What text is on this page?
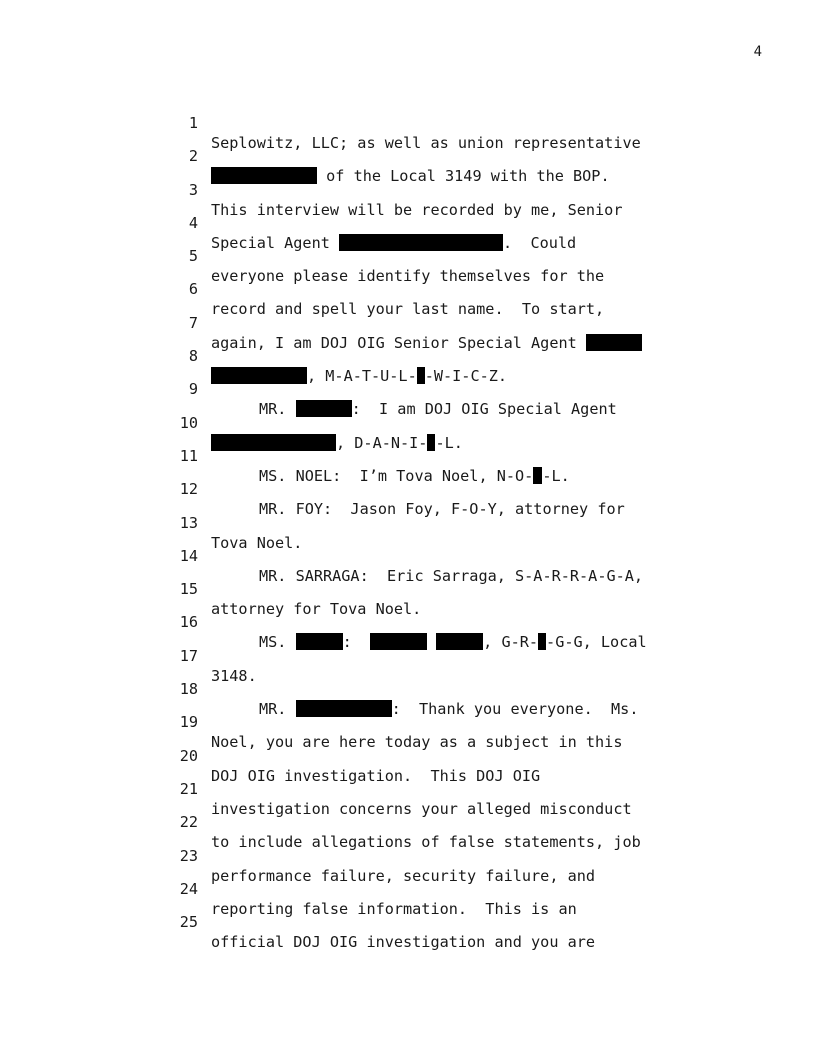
4

1

Seplowitz, LLC; as well as union representative

2

of the Local 3149 with the BOP.

3

This interview will be recorded by me, Senior

4

Special Agent	.  Could

5

everyone please identify themselves for the

6

record and spell your last name.  To start,

7

again, I am DOJ OIG Senior Special Agent

8

, M-A-T-U-L- -W-I-C-Z.

9

MR.	:  I am DOJ OIG Special Agent

10

, D-A-N-I- -L.

11

MS. NOEL:  I’m Tova Noel, N-O- -L.

12

MR. FOY:  Jason Foy, F-O-Y, attorney for

13

Tova Noel.

14

MR. SARRAGA:  Eric Sarraga, S-A-R-R-A-G-A,

15

attorney for Tova Noel.

16

MS.	:	, G-R- -G-G, Local

17

3148.

18

MR.	:  Thank you everyone.  Ms.

19

Noel, you are here today as a subject in this

20

DOJ OIG investigation.  This DOJ OIG

21

investigation concerns your alleged misconduct

22

to include allegations of false statements, job

23

performance failure, security failure, and

24

reporting false information.  This is an

25

official DOJ OIG investigation and you are
